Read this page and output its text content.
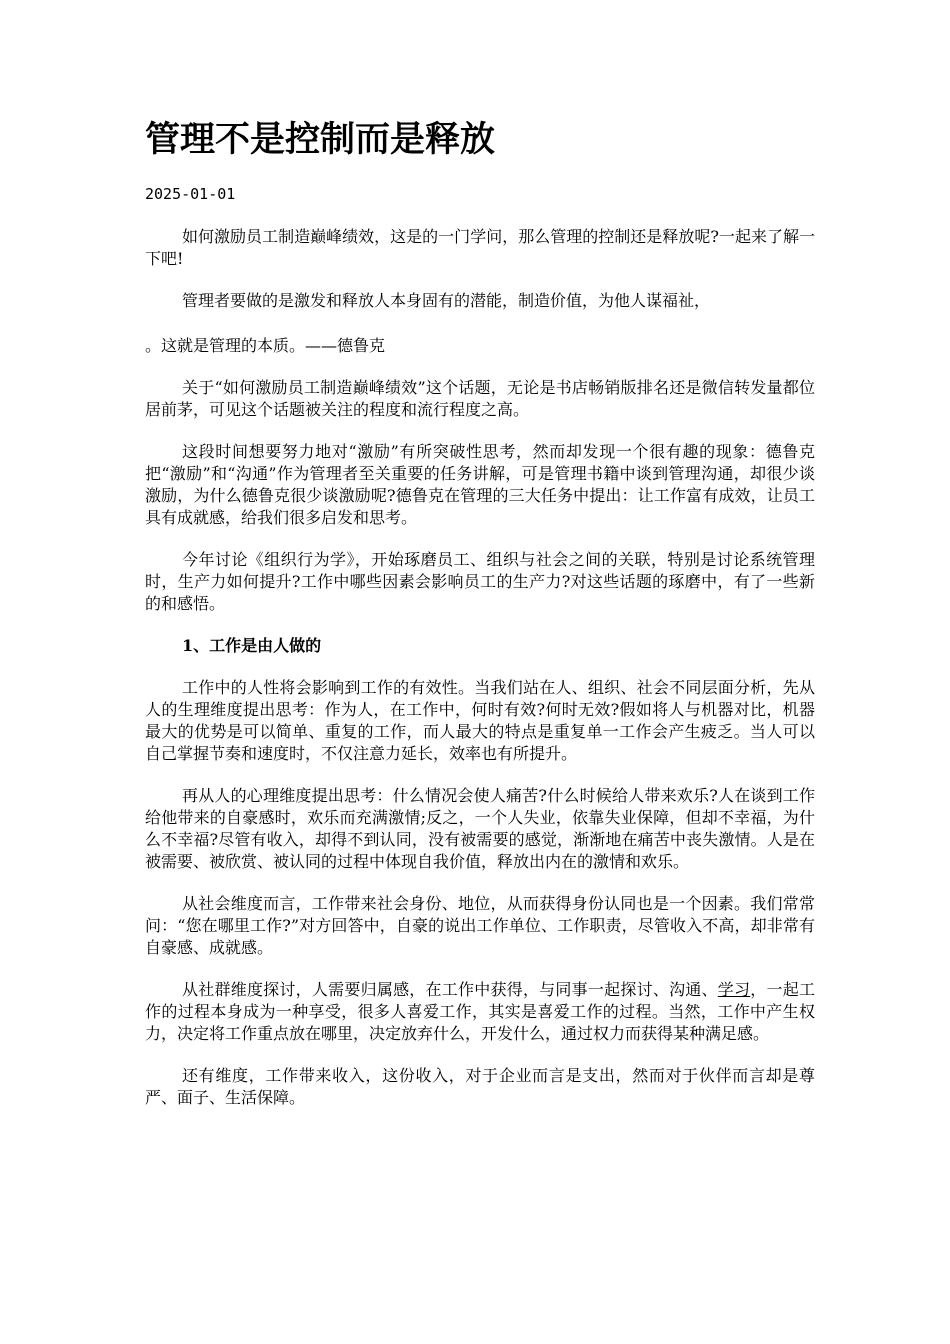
管理不是控制而是释放
2025-01-01

如何激励员工制造巅峰绩效，这是的一门学问，那么管理的控制还是释放呢?一起来了解一下吧!

管理者要做的是激发和释放人本身固有的潜能，制造价值，为他人谋福祉，

。这就是管理的本质。——德鲁克

关于“如何激励员工制造巅峰绩效”这个话题，无论是书店畅销版排名还是微信转发量都位居前茅，可见这个话题被关注的程度和流行程度之高。

这段时间想要努力地对“激励”有所突破性思考，然而却发现一个很有趣的现象：德鲁克把“激励”和“沟通”作为管理者至关重要的任务讲解，可是管理书籍中谈到管理沟通，却很少谈激励，为什么德鲁克很少谈激励呢?德鲁克在管理的三大任务中提出：让工作富有成效，让员工具有成就感，给我们很多启发和思考。

今年讨论《组织行为学》，开始琢磨员工、组织与社会之间的关联，特别是讨论系统管理时，生产力如何提升?工作中哪些因素会影响员工的生产力?对这些话题的琢磨中，有了一些新的和感悟。

1、工作是由人做的

工作中的人性将会影响到工作的有效性。当我们站在人、组织、社会不同层面分析，先从人的生理维度提出思考：作为人，在工作中，何时有效?何时无效?假如将人与机器对比，机器最大的优势是可以简单、重复的工作，而人最大的特点是重复单一工作会产生疲乏。当人可以自己掌握节奏和速度时，不仅注意力延长，效率也有所提升。

再从人的心理维度提出思考：什么情况会使人痛苦?什么时候给人带来欢乐?人在谈到工作给他带来的自豪感时，欢乐而充满激情;反之，一个人失业，依靠失业保障，但却不幸福，为什么不幸福?尽管有收入，却得不到认同，没有被需要的感觉，渐渐地在痛苦中丧失激情。人是在被需要、被欣赏、被认同的过程中体现自我价值，释放出内在的激情和欢乐。

从社会维度而言，工作带来社会身份、地位，从而获得身份认同也是一个因素。我们常常问：“您在哪里工作?”对方回答中，自豪的说出工作单位、工作职责，尽管收入不高，却非常有自豪感、成就感。

从社群维度探讨，人需要归属感，在工作中获得，与同事一起探讨、沟通、学习，一起工作的过程本身成为一种享受，很多人喜爱工作，其实是喜爱工作的过程。当然，工作中产生权力，决定将工作重点放在哪里，决定放弃什么，开发什么，通过权力而获得某种满足感。

还有维度，工作带来收入，这份收入，对于企业而言是支出，然而对于伙伴而言却是尊严、面子、生活保障。
